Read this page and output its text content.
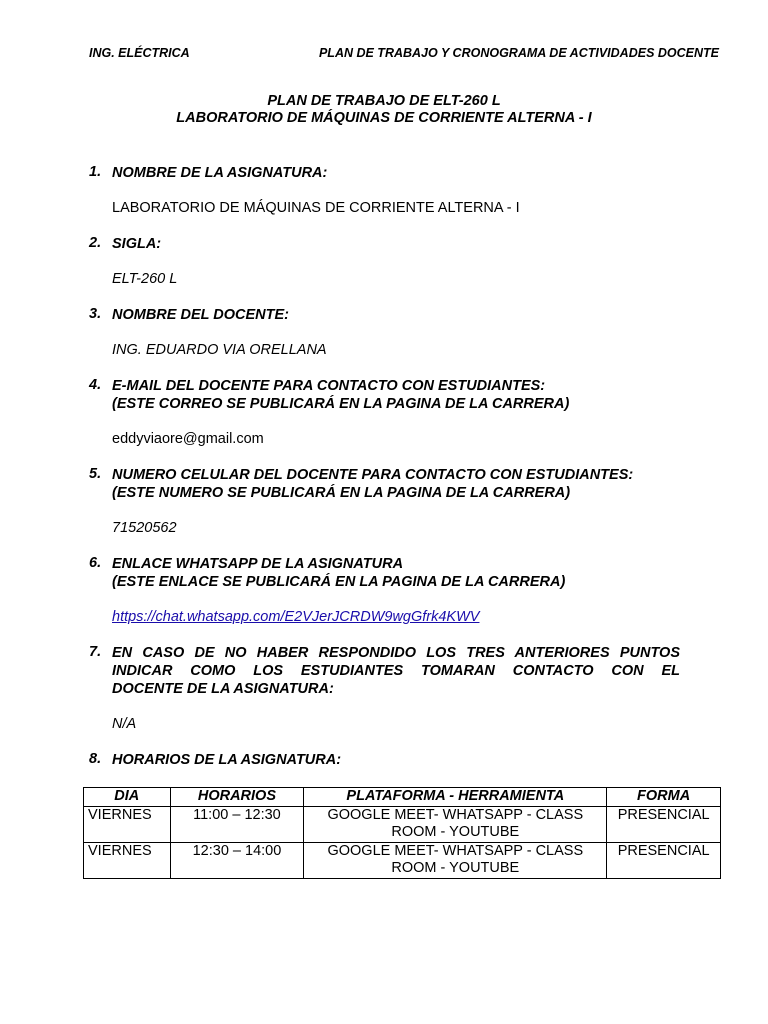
ING. ELÉCTRICA	PLAN DE TRABAJO Y CRONOGRAMA DE ACTIVIDADES DOCENTE
PLAN DE TRABAJO DE ELT-260 L
LABORATORIO DE MÁQUINAS DE CORRIENTE ALTERNA - I
1. NOMBRE DE LA ASIGNATURA:
LABORATORIO DE MÁQUINAS DE CORRIENTE ALTERNA - I
2. SIGLA:
ELT-260 L
3. NOMBRE DEL DOCENTE:
ING. EDUARDO VIA ORELLANA
4. E-MAIL DEL DOCENTE PARA CONTACTO CON ESTUDIANTES:
(ESTE CORREO SE PUBLICARÁ EN LA PAGINA DE LA CARRERA)
eddyviaore@gmail.com
5. NUMERO CELULAR DEL DOCENTE PARA CONTACTO CON ESTUDIANTES:
(ESTE NUMERO SE PUBLICARÁ EN LA PAGINA DE LA CARRERA)
71520562
6. ENLACE WHATSAPP DE LA ASIGNATURA
(ESTE ENLACE SE PUBLICARÁ EN LA PAGINA DE LA CARRERA)
https://chat.whatsapp.com/E2VJerJCRDW9wgGfrk4KWV
7. EN CASO DE NO HABER RESPONDIDO LOS TRES ANTERIORES PUNTOS
INDICAR COMO LOS ESTUDIANTES TOMARAN CONTACTO CON EL
DOCENTE DE LA ASIGNATURA:
N/A
8. HORARIOS DE LA ASIGNATURA:
DIA	HORARIOS	PLATAFORMA - HERRAMIENTA	FORMA
VIERNES	11:00 – 12:30	GOOGLE MEET- WHATSAPP - CLASS ROOM - YOUTUBE	PRESENCIAL
VIERNES	12:30 – 14:00	GOOGLE MEET- WHATSAPP - CLASS ROOM - YOUTUBE	PRESENCIAL
